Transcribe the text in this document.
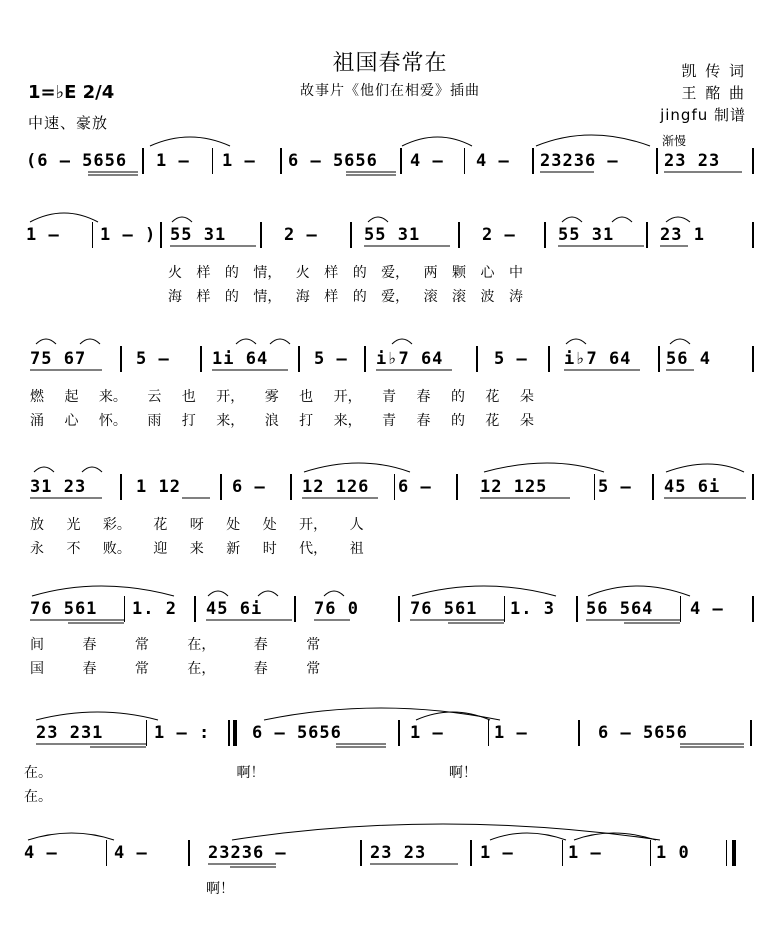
祖国春常在
故事片《他们在相爱》插曲
凯 传 词
王 酩 曲
jingfu 制谱
1=♭E 2/4
中速、豪放
渐慢
(6 – 5656 1 – 1 – 6 – 5656 4 – 4 – 23236 –	23 23
1 – 1 – ) 55 31	2 –	55 31	2 – 55 31	23 1
火 样 的 情， 火 样 的 爱， 两 颗 心 中
海 样 的 情， 海 样 的 爱， 滚 滚 波 涛
75 67	5 – 1i 64	5 – i♭7 64	5 – i♭7 64 56 4
燃 起 来。 云 也 开， 雾 也 开， 青 春 的 花 朵
涌 心 怀。 雨 打 来， 浪 打 来， 青 春 的 花 朵
31 23	1 12	6 – 12 126 6 –	12 125	5 – 45 6i
放 光 彩。 花 呀 处 处 开， 人
永 不 败。 迎 来 新 时 代， 祖
76 561 1. 2 45 6i	76 0	76 561 1. 3 56 564 4 –
间 春 常 在， 春 常
国 春 常 在， 春 常
23 231	1 – : 6 – 5656	1 –	1 –	6 – 5656
在。 啊！ 啊！
在。
4 –	4 –	23236 –	23 23	1 –	1 –	1 0
啊！
